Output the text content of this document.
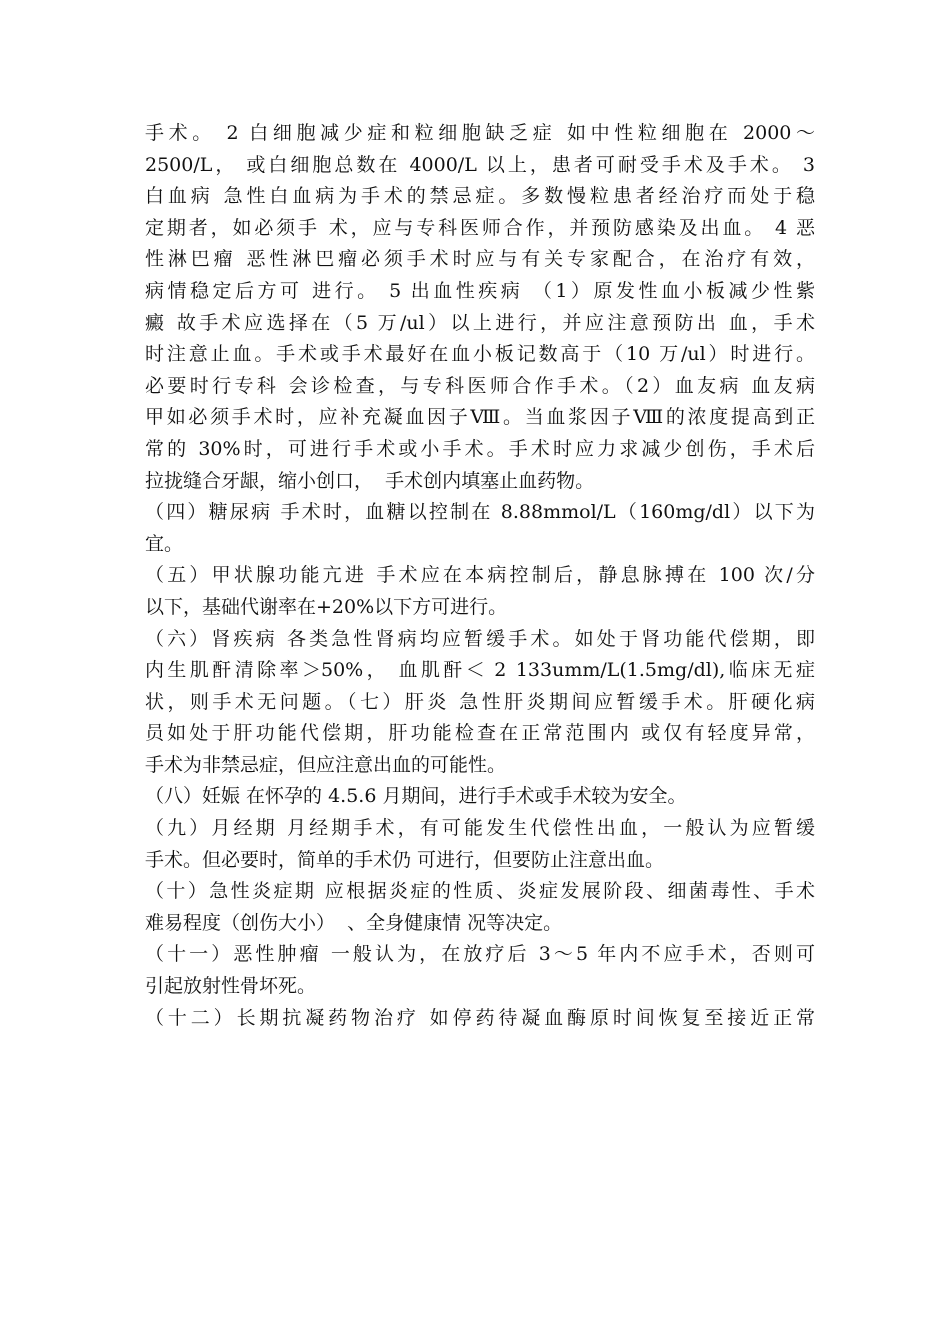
手术。 2 白细胞减少症和粒细胞缺乏症 如中性粒细胞在 2000～
2500/L， 或白细胞总数在 4000/L 以上，患者可耐受手术及手术。 3
白血病 急性白血病为手术的禁忌症。多数慢粒患者经治疗而处于稳
定期者，如必须手 术，应与专科医师合作，并预防感染及出血。 4 恶
性淋巴瘤 恶性淋巴瘤必须手术时应与有关专家配合，在治疗有效，
病情稳定后方可 进行。 5 出血性疾病 （1）原发性血小板减少性紫
癜 故手术应选择在（5 万/ul）以上进行，并应注意预防出 血，手术
时注意止血。手术或手术最好在血小板记数高于（10 万/ul）时进行。
必要时行专科 会诊检查，与专科医师合作手术。（2）血友病 血友病
甲如必须手术时，应补充凝血因子Ⅷ。当血浆因子Ⅷ的浓度提高到正
常的 30%时，可进行手术或小手术。手术时应力求减少创伤，手术后
拉拢缝合牙龈，缩小创口，  手术创内填塞止血药物。
（四）糖尿病 手术时，血糖以控制在 8.88mmol/L（160mg/dl）以下为
宜。
（五）甲状腺功能亢进 手术应在本病控制后，静息脉搏在 100 次/分
以下，基础代谢率在+20%以下方可进行。
（六）肾疾病 各类急性肾病均应暂缓手术。如处于肾功能代偿期，即
内生肌酐清除率＞50%， 血肌酐＜ 2 133umm/L(1.5mg/dl),临床无症
状，则手术无问题。（七）肝炎 急性肝炎期间应暂缓手术。肝硬化病
员如处于肝功能代偿期，肝功能检查在正常范围内 或仅有轻度异常，
手术为非禁忌症，但应注意出血的可能性。
（八）妊娠 在怀孕的 4.5.6 月期间，进行手术或手术较为安全。
（九）月经期 月经期手术，有可能发生代偿性出血，一般认为应暂缓
手术。但必要时，简单的手术仍 可进行，但要防止注意出血。
（十）急性炎症期 应根据炎症的性质、炎症发展阶段、细菌毒性、手术
难易程度（创伤大小）  、全身健康情 况等决定。
（十一）恶性肿瘤 一般认为，在放疗后 3～5 年内不应手术，否则可
引起放射性骨坏死。
（十二）长期抗凝药物治疗 如停药待凝血酶原时间恢复至接近正常
